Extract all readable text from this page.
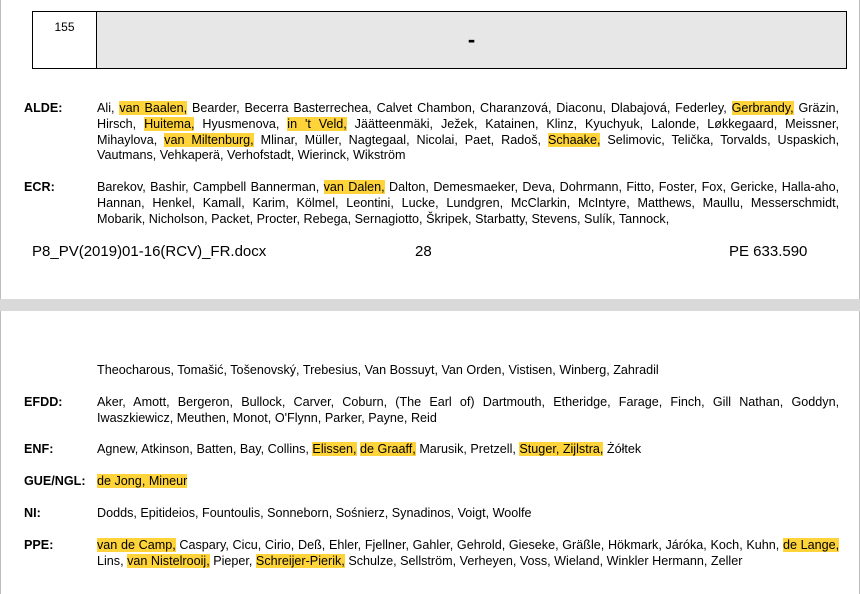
155	-
ALDE:	Ali, van Baalen, Bearder, Becerra Basterrechea, Calvet Chambon, Charanzová, Diaconu, Dlabajová, Federley, Gerbrandy, Gräzin, Hirsch, Huitema, Hyusmenova, in 't Veld, Jäätteenmäki, Ježek, Katainen, Klinz, Kyuchyuk, Lalonde, Løkkegaard, Meissner, Mihaylova, van Miltenburg, Mlinar, Müller, Nagtegaal, Nicolai, Paet, Radoš, Schaake, Selimovic, Telička, Torvalds, Uspaskich, Vautmans, Vehkaperä, Verhofstadt, Wierinck, Wikström
ECR:	Barekov, Bashir, Campbell Bannerman, van Dalen, Dalton, Demesmaeker, Deva, Dohrmann, Fitto, Foster, Fox, Gericke, Halla-aho, Hannan, Henkel, Kamall, Karim, Kölmel, Leontini, Lucke, Lundgren, McClarkin, McIntyre, Matthews, Maullu, Messerschmidt, Mobarik, Nicholson, Packet, Procter, Rebega, Sernagiotto, Škripek, Starbatty, Stevens, Sulík, Tannock,
P8_PV(2019)01-16(RCV)_FR.docx	28	PE 633.590
Theocharous, Tomašić, Tošenovský, Trebesius, Van Bossuyt, Van Orden, Vistisen, Winberg, Zahradil
EFDD:	Aker, Amott, Bergeron, Bullock, Carver, Coburn, (The Earl of) Dartmouth, Etheridge, Farage, Finch, Gill Nathan, Goddyn, Iwaszkiewicz, Meuthen, Monot, O'Flynn, Parker, Payne, Reid
ENF:	Agnew, Atkinson, Batten, Bay, Collins, Elissen, de Graaff, Marusik, Pretzell, Stuger, Zijlstra, Żółtek
GUE/NGL: de Jong, Mineur
NI:	Dodds, Epitideios, Fountoulis, Sonneborn, Sośnierz, Synadinos, Voigt, Woolfe
PPE:	van de Camp, Caspary, Cicu, Cirio, Deß, Ehler, Fjellner, Gahler, Gehrold, Gieseke, Gräßle, Hökmark, Járóka, Koch, Kuhn, de Lange, Lins, van Nistelrooij, Pieper, Schreijer-Pierik, Schulze, Sellström, Verheyen, Voss, Wieland, Winkler Hermann, Zeller
